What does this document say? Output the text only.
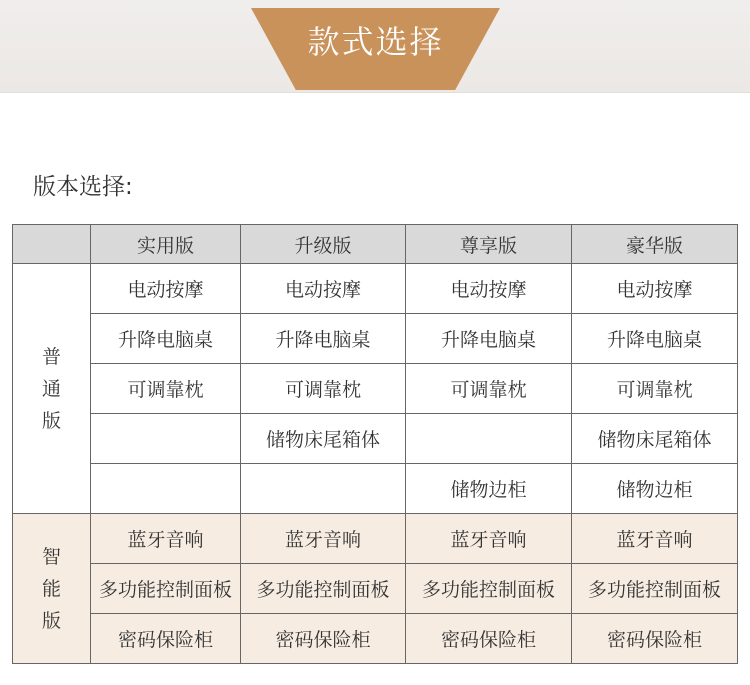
款式选择
版本选择:
	实用版	升级版	尊享版	豪华版

普
通
版	电动按摩	电动按摩	电动按摩	电动按摩
	升降电脑桌	升降电脑桌	升降电脑桌	升降电脑桌
	可调靠枕	可调靠枕	可调靠枕	可调靠枕
		储物床尾箱体		储物床尾箱体
			储物边柜	储物边柜

智
能
版	蓝牙音响	蓝牙音响	蓝牙音响	蓝牙音响
	多功能控制面板	多功能控制面板	多功能控制面板	多功能控制面板
	密码保险柜	密码保险柜	密码保险柜	密码保险柜
